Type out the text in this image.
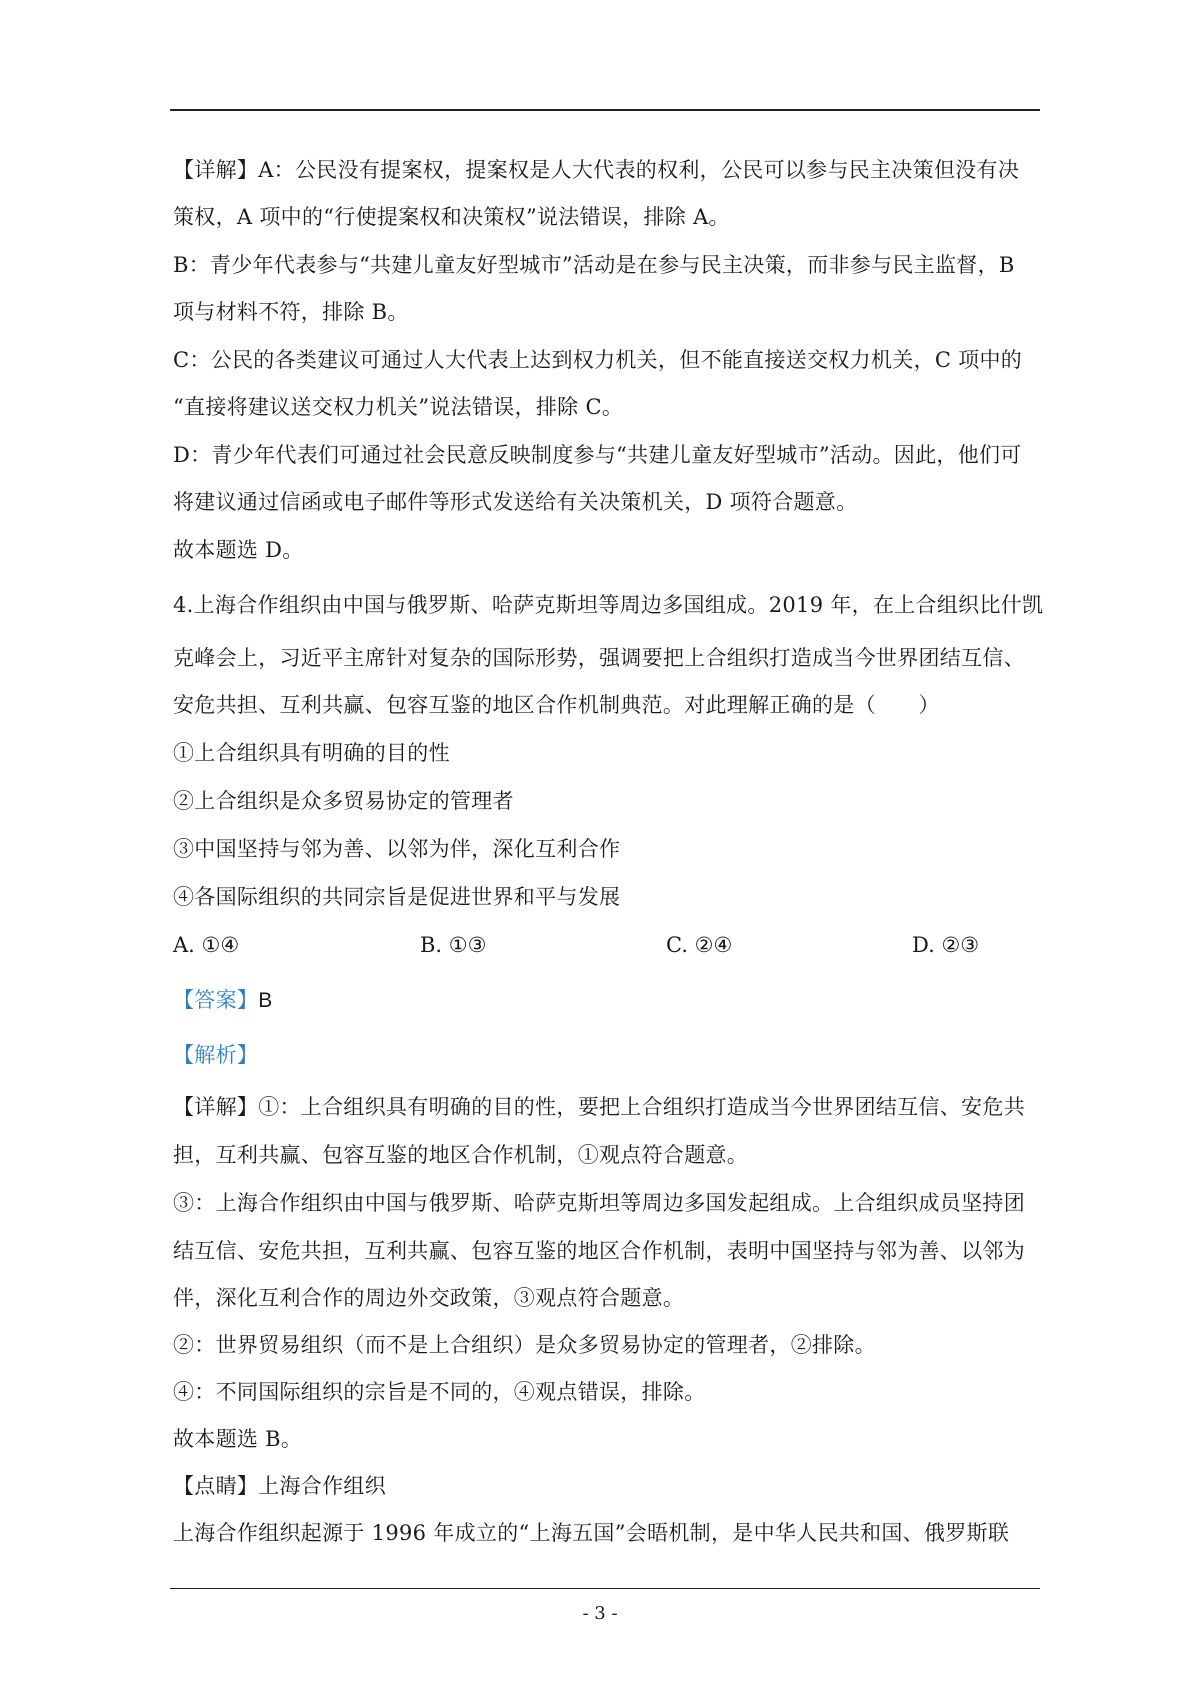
【详解】A：公民没有提案权，提案权是人大代表的权利，公民可以参与民主决策但没有决
策权，A 项中的“行使提案权和决策权”说法错误，排除 A。
B：青少年代表参与“共建儿童友好型城市”活动是在参与民主决策，而非参与民主监督，B
项与材料不符，排除 B。
C：公民的各类建议可通过人大代表上达到权力机关，但不能直接送交权力机关，C 项中的
“直接将建议送交权力机关”说法错误，排除 C。
D：青少年代表们可通过社会民意反映制度参与“共建儿童友好型城市”活动。因此，他们可
将建议通过信函或电子邮件等形式发送给有关决策机关，D 项符合题意。
故本题选 D。
4.上海合作组织由中国与俄罗斯、哈萨克斯坦等周边多国组成。2019 年，在上合组织比什凯
克峰会上，习近平主席针对复杂的国际形势，强调要把上合组织打造成当今世界团结互信、
安危共担、互利共赢、包容互鉴的地区合作机制典范。对此理解正确的是（　　）
①上合组织具有明确的目的性
②上合组织是众多贸易协定的管理者
③中国坚持与邻为善、以邻为伴，深化互利合作
④各国际组织的共同宗旨是促进世界和平与发展
A. ①④	B. ①③	C. ②④	D. ②③
【答案】B
【解析】
【详解】①：上合组织具有明确的目的性，要把上合组织打造成当今世界团结互信、安危共
担，互利共赢、包容互鉴的地区合作机制，①观点符合题意。
③：上海合作组织由中国与俄罗斯、哈萨克斯坦等周边多国发起组成。上合组织成员坚持团
结互信、安危共担，互利共赢、包容互鉴的地区合作机制，表明中国坚持与邻为善、以邻为
伴，深化互利合作的周边外交政策，③观点符合题意。
②：世界贸易组织（而不是上合组织）是众多贸易协定的管理者，②排除。
④：不同国际组织的宗旨是不同的，④观点错误，排除。
故本题选 B。
【点睛】上海合作组织
上海合作组织起源于 1996 年成立的“上海五国”会晤机制，是中华人民共和国、俄罗斯联
- 3 -
